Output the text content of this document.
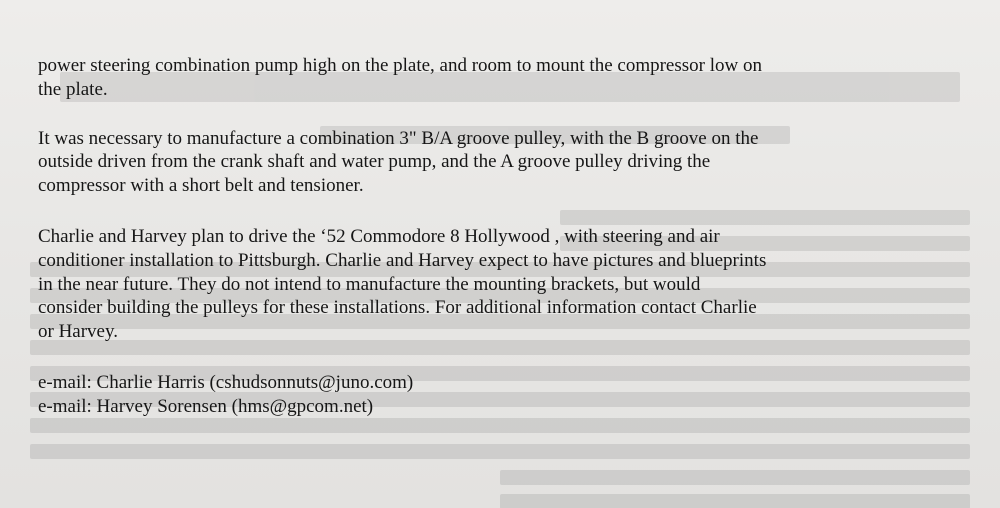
power steering combination pump high on the plate, and room to mount the compressor low on
the plate.

It was necessary to manufacture a combination 3" B/A groove pulley, with the B groove on the
outside driven from the crank shaft and water pump, and the A groove pulley driving the
compressor with a short belt and tensioner.

Charlie and Harvey plan to drive the ‘52 Commodore 8 Hollywood , with steering and air
conditioner installation to Pittsburgh. Charlie and Harvey expect to have pictures and blueprints
in the near future. They do not intend to manufacture the mounting brackets, but would
consider building the pulleys for these installations. For additional information contact Charlie
or Harvey.

e-mail: Charlie Harris (cshudsonnuts@juno.com)

e-mail: Harvey Sorensen (hms@gpcom.net)
